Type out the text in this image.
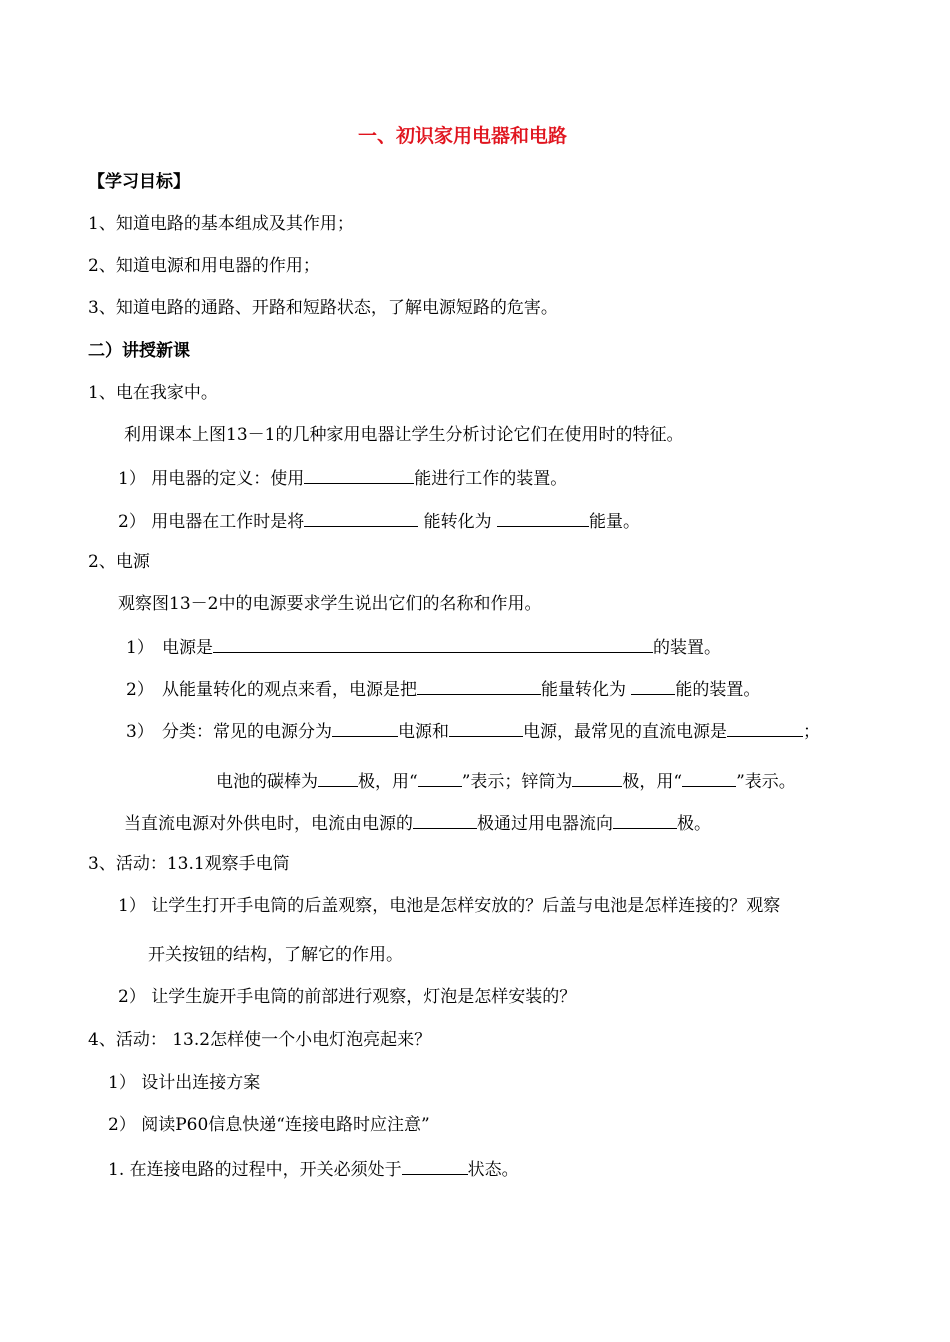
一、初识家用电器和电路
【学习目标】
1、知道电路的基本组成及其作用；
2、知道电源和用电器的作用；
3、知道电路的通路、开路和短路状态，了解电源短路的危害。
二）讲授新课
1、电在我家中。
利用课本上图13－1的几种家用电器让学生分析讨论它们在使用时的特征。
1） 用电器的定义：使用	能进行工作的装置。
2） 用电器在工作时是将	能转化为	能量。
2、电源
观察图13－2中的电源要求学生说出它们的名称和作用。
1） 电源是	的装置。
2） 从能量转化的观点来看，电源是把	能量转化为	能的装置。
3） 分类：常见的电源分为	电源和	电源，最常见的直流电源是	；
电池的碳棒为 极，用“	”表示；锌筒为	极，用“	”表示。
当直流电源对外供电时，电流由电源的	极通过用电器流向	极。
3、活动：13.1观察手电筒
1） 让学生打开手电筒的后盖观察，电池是怎样安放的？后盖与电池是怎样连接的？观察
开关按钮的结构，了解它的作用。
2） 让学生旋开手电筒的前部进行观察，灯泡是怎样安装的？
4、活动： 13.2怎样使一个小电灯泡亮起来？
1） 设计出连接方案
2） 阅读P60信息快递“连接电路时应注意”
1. 在连接电路的过程中，开关必须处于	状态。
